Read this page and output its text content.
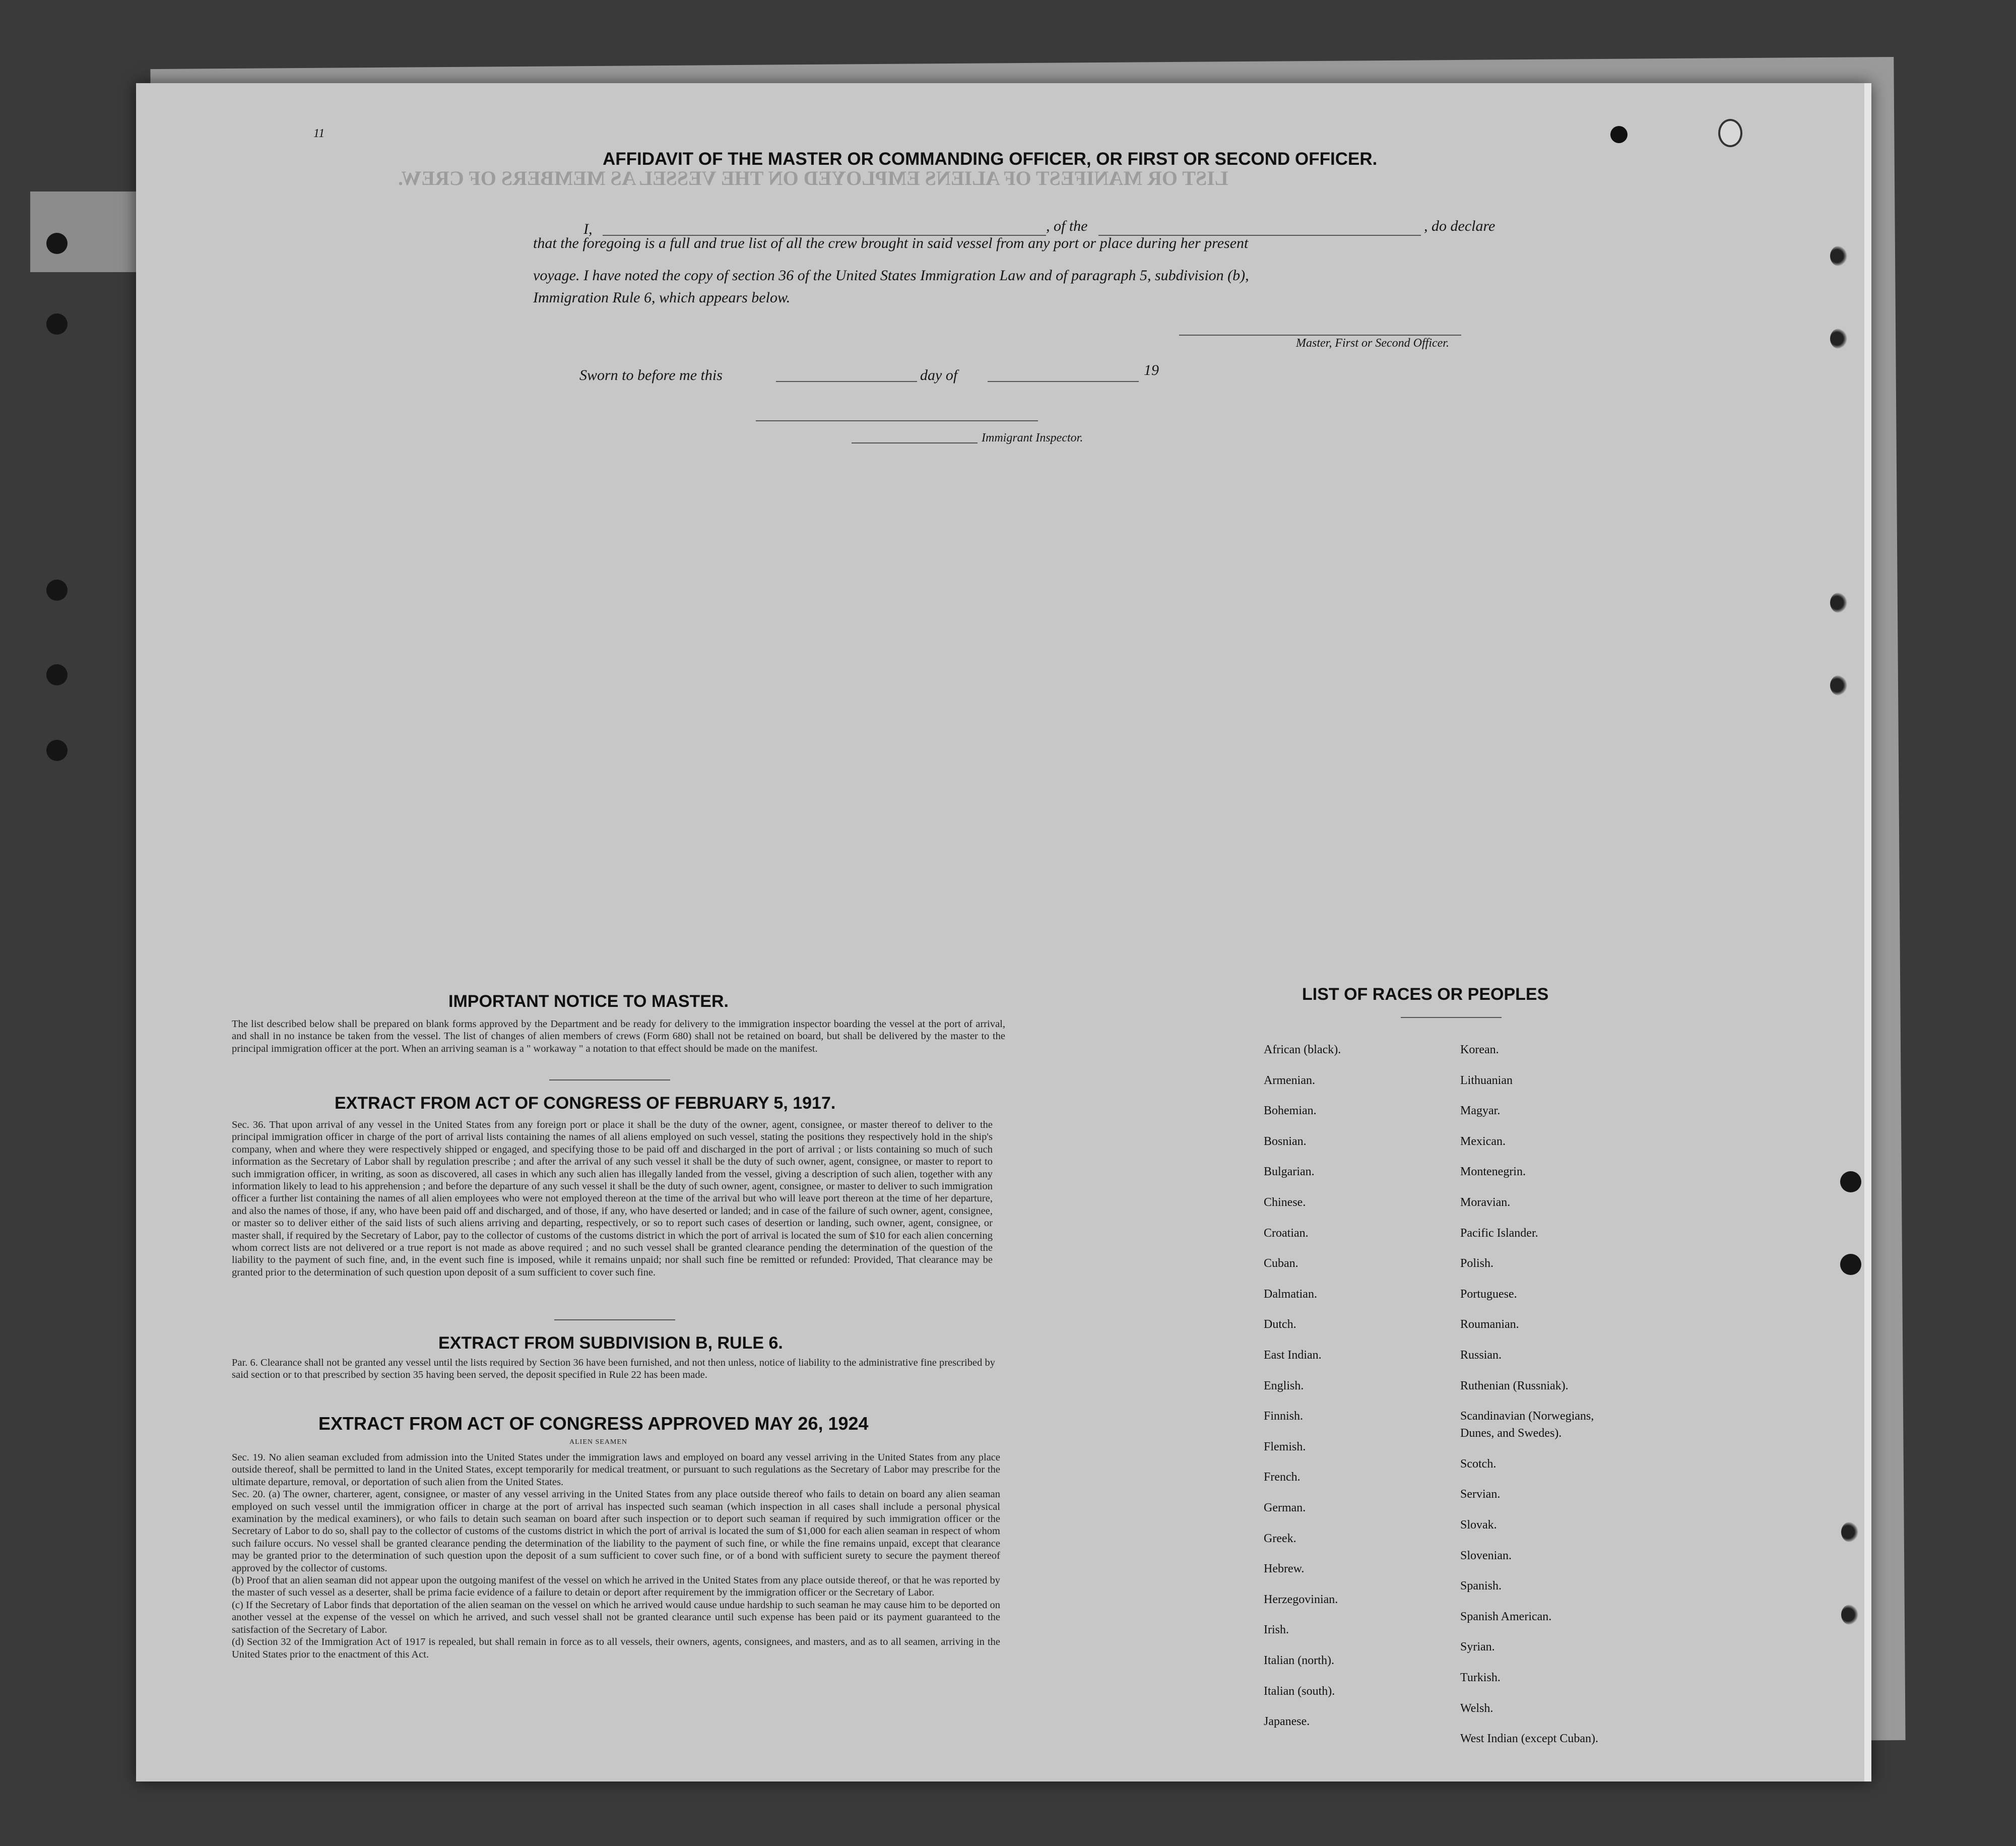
LIST OR MANIFEST OF ALIENS EMPLOYED ON THE VESSEL AS MEMBERS OF CREW.
11
AFFIDAVIT OF THE MASTER OR COMMANDING OFFICER, OR FIRST OR SECOND OFFICER.
I,	, of the	, do declare
that the foregoing is a full and true list of all the crew brought in said vessel from any port or place during her present
voyage. I have noted the copy of section 36 of the United States Immigration Law and of paragraph 5, subdivision (b),
Immigration Rule 6, which appears below.
Master, First or Second Officer.
Sworn to before me this	day of	19
Immigrant Inspector.
IMPORTANT NOTICE TO MASTER.
The list described below shall be prepared on blank forms approved by the Department and be ready for delivery to the immigration inspector boarding the vessel at the port of arrival, and shall in no instance be taken from the vessel. The list of changes of alien members of crews (Form 680) shall not be retained on board, but shall be delivered by the master to the principal immigration officer at the port. When an arriving seaman is a " workaway " a notation to that effect should be made on the manifest.
EXTRACT FROM ACT OF CONGRESS OF FEBRUARY 5, 1917.
Sec. 36. That upon arrival of any vessel in the United States from any foreign port or place it shall be the duty of the owner, agent, consignee, or master thereof to deliver to the principal immigration officer in charge of the port of arrival lists containing the names of all aliens employed on such vessel, stating the positions they respectively hold in the ship's company, when and where they were respectively shipped or engaged, and specifying those to be paid off and discharged in the port of arrival ; or lists containing so much of such information as the Secretary of Labor shall by regulation prescribe ; and after the arrival of any such vessel it shall be the duty of such owner, agent, consignee, or master to report to such immigration officer, in writing, as soon as discovered, all cases in which any such alien has illegally landed from the vessel, giving a description of such alien, together with any information likely to lead to his apprehension ; and before the departure of any such vessel it shall be the duty of such owner, agent, consignee, or master to deliver to such immigration officer a further list containing the names of all alien employees who were not employed thereon at the time of the arrival but who will leave port thereon at the time of her departure, and also the names of those, if any, who have been paid off and discharged, and of those, if any, who have deserted or landed; and in case of the failure of such owner, agent, consignee, or master so to deliver either of the said lists of such aliens arriving and departing, respectively, or so to report such cases of desertion or landing, such owner, agent, consignee, or master shall, if required by the Secretary of Labor, pay to the collector of customs of the customs district in which the port of arrival is located the sum of $10 for each alien concerning whom correct lists are not delivered or a true report is not made as above required ; and no such vessel shall be granted clearance pending the determination of the question of the liability to the payment of such fine, and, in the event such fine is imposed, while it remains unpaid; nor shall such fine be remitted or refunded: Provided, That clearance may be granted prior to the determination of such question upon deposit of a sum sufficient to cover such fine.
EXTRACT FROM SUBDIVISION B, RULE 6.
Par. 6. Clearance shall not be granted any vessel until the lists required by Section 36 have been furnished, and not then unless, notice of liability to the administrative fine prescribed by said section or to that prescribed by section 35 having been served, the deposit specified in Rule 22 has been made.
EXTRACT FROM ACT OF CONGRESS APPROVED MAY 26, 1924
ALIEN SEAMEN
Sec. 19. No alien seaman excluded from admission into the United States under the immigration laws and employed on board any vessel arriving in the United States from any place outside thereof, shall be permitted to land in the United States, except temporarily for medical treatment, or pursuant to such regulations as the Secretary of Labor may prescribe for the ultimate departure, removal, or deportation of such alien from the United States.
Sec. 20. (a) The owner, charterer, agent, consignee, or master of any vessel arriving in the United States from any place outside thereof who fails to detain on board any alien seaman employed on such vessel until the immigration officer in charge at the port of arrival has inspected such seaman (which inspection in all cases shall include a personal physical examination by the medical examiners), or who fails to detain such seaman on board after such inspection or to deport such seaman if required by such immigration officer or the Secretary of Labor to do so, shall pay to the collector of customs of the customs district in which the port of arrival is located the sum of $1,000 for each alien seaman in respect of whom such failure occurs. No vessel shall be granted clearance pending the determination of the liability to the payment of such fine, or while the fine remains unpaid, except that clearance may be granted prior to the determination of such question upon the deposit of a sum sufficient to cover such fine, or of a bond with sufficient surety to secure the payment thereof approved by the collector of customs.
(b) Proof that an alien seaman did not appear upon the outgoing manifest of the vessel on which he arrived in the United States from any place outside thereof, or that he was reported by the master of such vessel as a deserter, shall be prima facie evidence of a failure to detain or deport after requirement by the immigration officer or the Secretary of Labor.
(c) If the Secretary of Labor finds that deportation of the alien seaman on the vessel on which he arrived would cause undue hardship to such seaman he may cause him to be deported on another vessel at the expense of the vessel on which he arrived, and such vessel shall not be granted clearance until such expense has been paid or its payment guaranteed to the satisfaction of the Secretary of Labor.
(d) Section 32 of the Immigration Act of 1917 is repealed, but shall remain in force as to all vessels, their owners, agents, consignees, and masters, and as to all seamen, arriving in the United States prior to the enactment of this Act.
LIST OF RACES OR PEOPLES
African (black).
Armenian.
Bohemian.
Bosnian.
Bulgarian.
Chinese.
Croatian.
Cuban.
Dalmatian.
Dutch.
East Indian.
English.
Finnish.
Flemish.
French.
German.
Greek.
Hebrew.
Herzegovinian.
Irish.
Italian (north).
Italian (south).
Japanese.
Korean.
Lithuanian
Magyar.
Mexican.
Montenegrin.
Moravian.
Pacific Islander.
Polish.
Portuguese.
Roumanian.
Russian.
Ruthenian (Russniak).
Scandinavian (Norwegians,
Dunes, and Swedes).
Scotch.
Servian.
Slovak.
Slovenian.
Spanish.
Spanish American.
Syrian.
Turkish.
Welsh.
West Indian (except Cuban).
